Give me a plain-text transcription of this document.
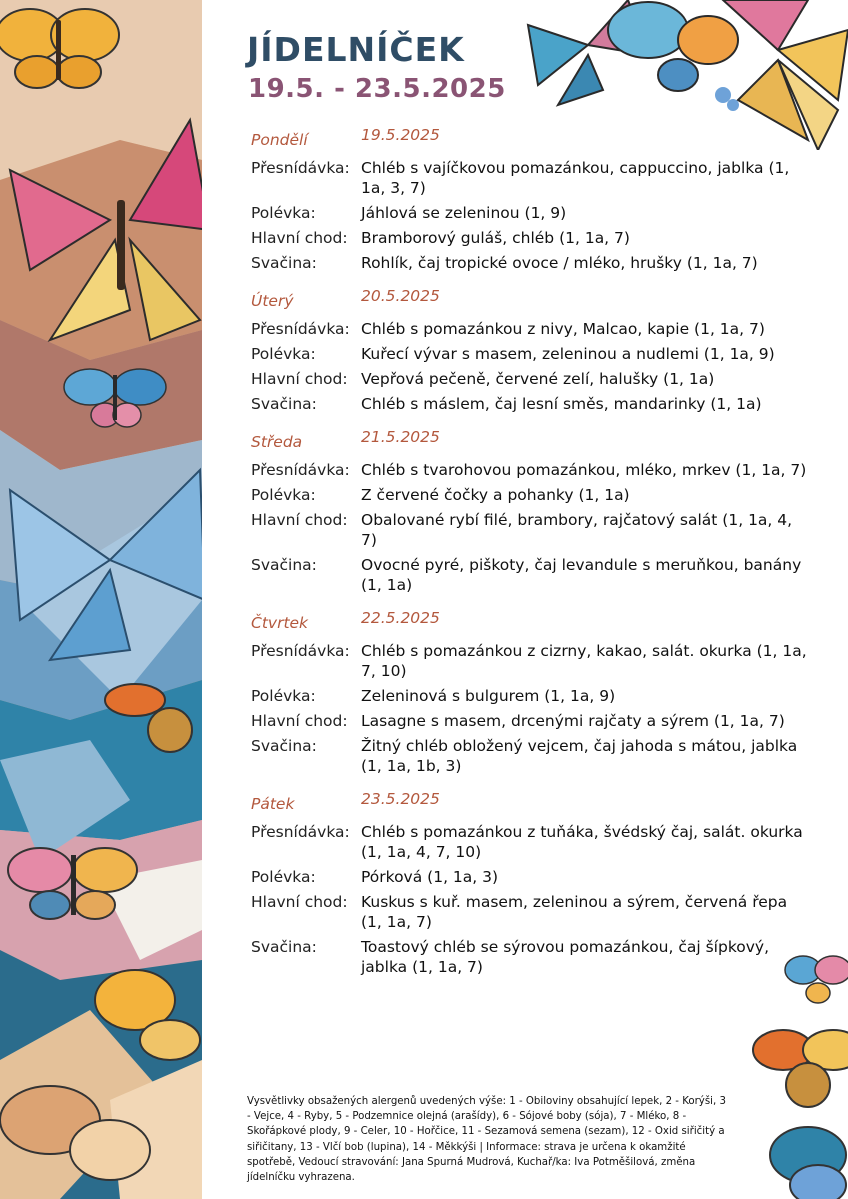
JÍDELNÍČEK
19.5. - 23.5.2025
Pondělí	19.5.2025
Přesnídávka: Chléb s vajíčkovou pomazánkou, cappuccino, jablka (1, 1a, 3, 7)
Polévka:	Jáhlová se zeleninou (1, 9)
Hlavní chod: Bramborový guláš, chléb (1, 1a, 7)
Svačina:	Rohlík, čaj tropické ovoce / mléko, hrušky (1, 1a, 7)
Úterý	20.5.2025
Přesnídávka: Chléb s pomazánkou z nivy, Malcao, kapie (1, 1a, 7)
Polévka:	Kuřecí vývar s masem, zeleninou a nudlemi (1, 1a, 9)
Hlavní chod: Vepřová pečeně, červené zelí, halušky (1, 1a)
Svačina:	Chléb s máslem, čaj lesní směs, mandarinky (1, 1a)
Středa	21.5.2025
Přesnídávka: Chléb s tvarohovou pomazánkou, mléko, mrkev (1, 1a, 7)
Polévka:	Z červené čočky a pohanky (1, 1a)
Hlavní chod: Obalované rybí filé, brambory, rajčatový salát (1, 1a, 4, 7)
Svačina:	Ovocné pyré, piškoty, čaj levandule s meruňkou, banány (1, 1a)
Čtvrtek	22.5.2025
Přesnídávka: Chléb s pomazánkou z cizrny, kakao, salát. okurka (1, 1a, 7, 10)
Polévka:	Zeleninová s bulgurem (1, 1a, 9)
Hlavní chod: Lasagne s masem, drcenými rajčaty a sýrem (1, 1a, 7)
Svačina:	Žitný chléb obložený vejcem, čaj jahoda s mátou, jablka (1, 1a, 1b, 3)
Pátek	23.5.2025
Přesnídávka: Chléb s pomazánkou z tuňáka, švédský čaj, salát. okurka (1, 1a, 4, 7, 10)
Polévka:	Pórková (1, 1a, 3)
Hlavní chod: Kuskus s kuř. masem, zeleninou a sýrem, červená řepa (1, 1a, 7)
Svačina:	Toastový chléb se sýrovou pomazánkou, čaj šípkový, jablka (1, 1a, 7)
Vysvětlivky obsažených alergenů uvedených výše: 1 - Obiloviny obsahující lepek, 2 - Korýši, 3 - Vejce, 4 - Ryby, 5 - Podzemnice olejná (arašídy), 6 - Sójové boby (sója), 7 - Mléko, 8 - Skořápkové plody, 9 - Celer, 10 - Hořčice, 11 - Sezamová semena (sezam), 12 - Oxid siřičitý a siřičitany, 13 - Vlčí bob (lupina), 14 - Měkkýši | Informace: strava je určena k okamžité spotřebě, Vedoucí stravování: Jana Spurná Mudrová, Kuchař/ka: Iva Potměšilová, změna jídelníčku vyhrazena.
